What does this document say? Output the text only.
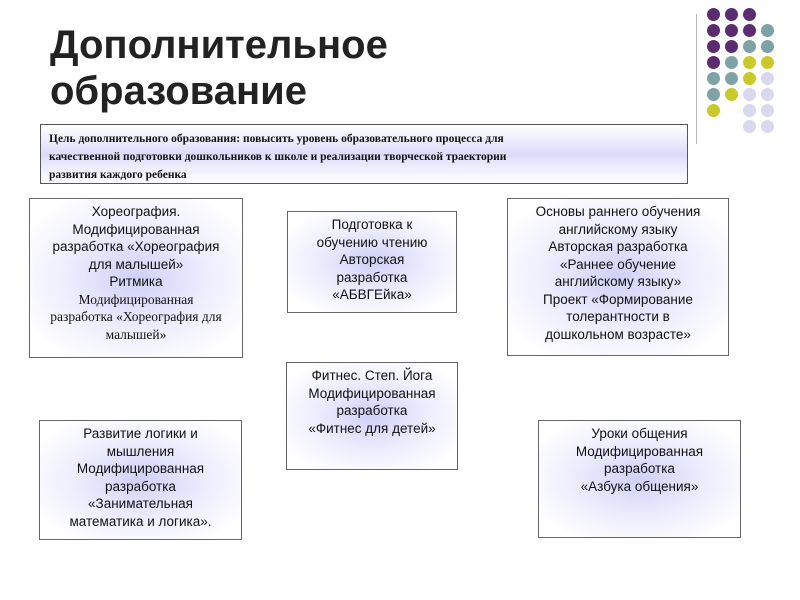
Дополнительное
образование
Цель дополнительного образования: повысить уровень образовательного процесса для
качественной подготовки дошкольников к школе и реализации творческой траектории
развития каждого ребенка
Хореография.
Модифицированная
разработка «Хореография
для малышей»
Ритмика
Модифицированная
разработка «Хореография для
малышей»
Подготовка к
обучению чтению
Авторская
разработка
«АБВГЕйка»
Основы раннего обучения
английскому языку
Авторская разработка
«Раннее обучение
английскому языку»
Проект «Формирование
толерантности в
дошкольном возрасте»
Фитнес. Степ. Йога
Модифицированная
разработка
«Фитнес для детей»
Развитие логики и
мышления
Модифицированная
разработка
«Занимательная
математика и логика».
Уроки общения
Модифицированная
разработка
«Азбука общения»
